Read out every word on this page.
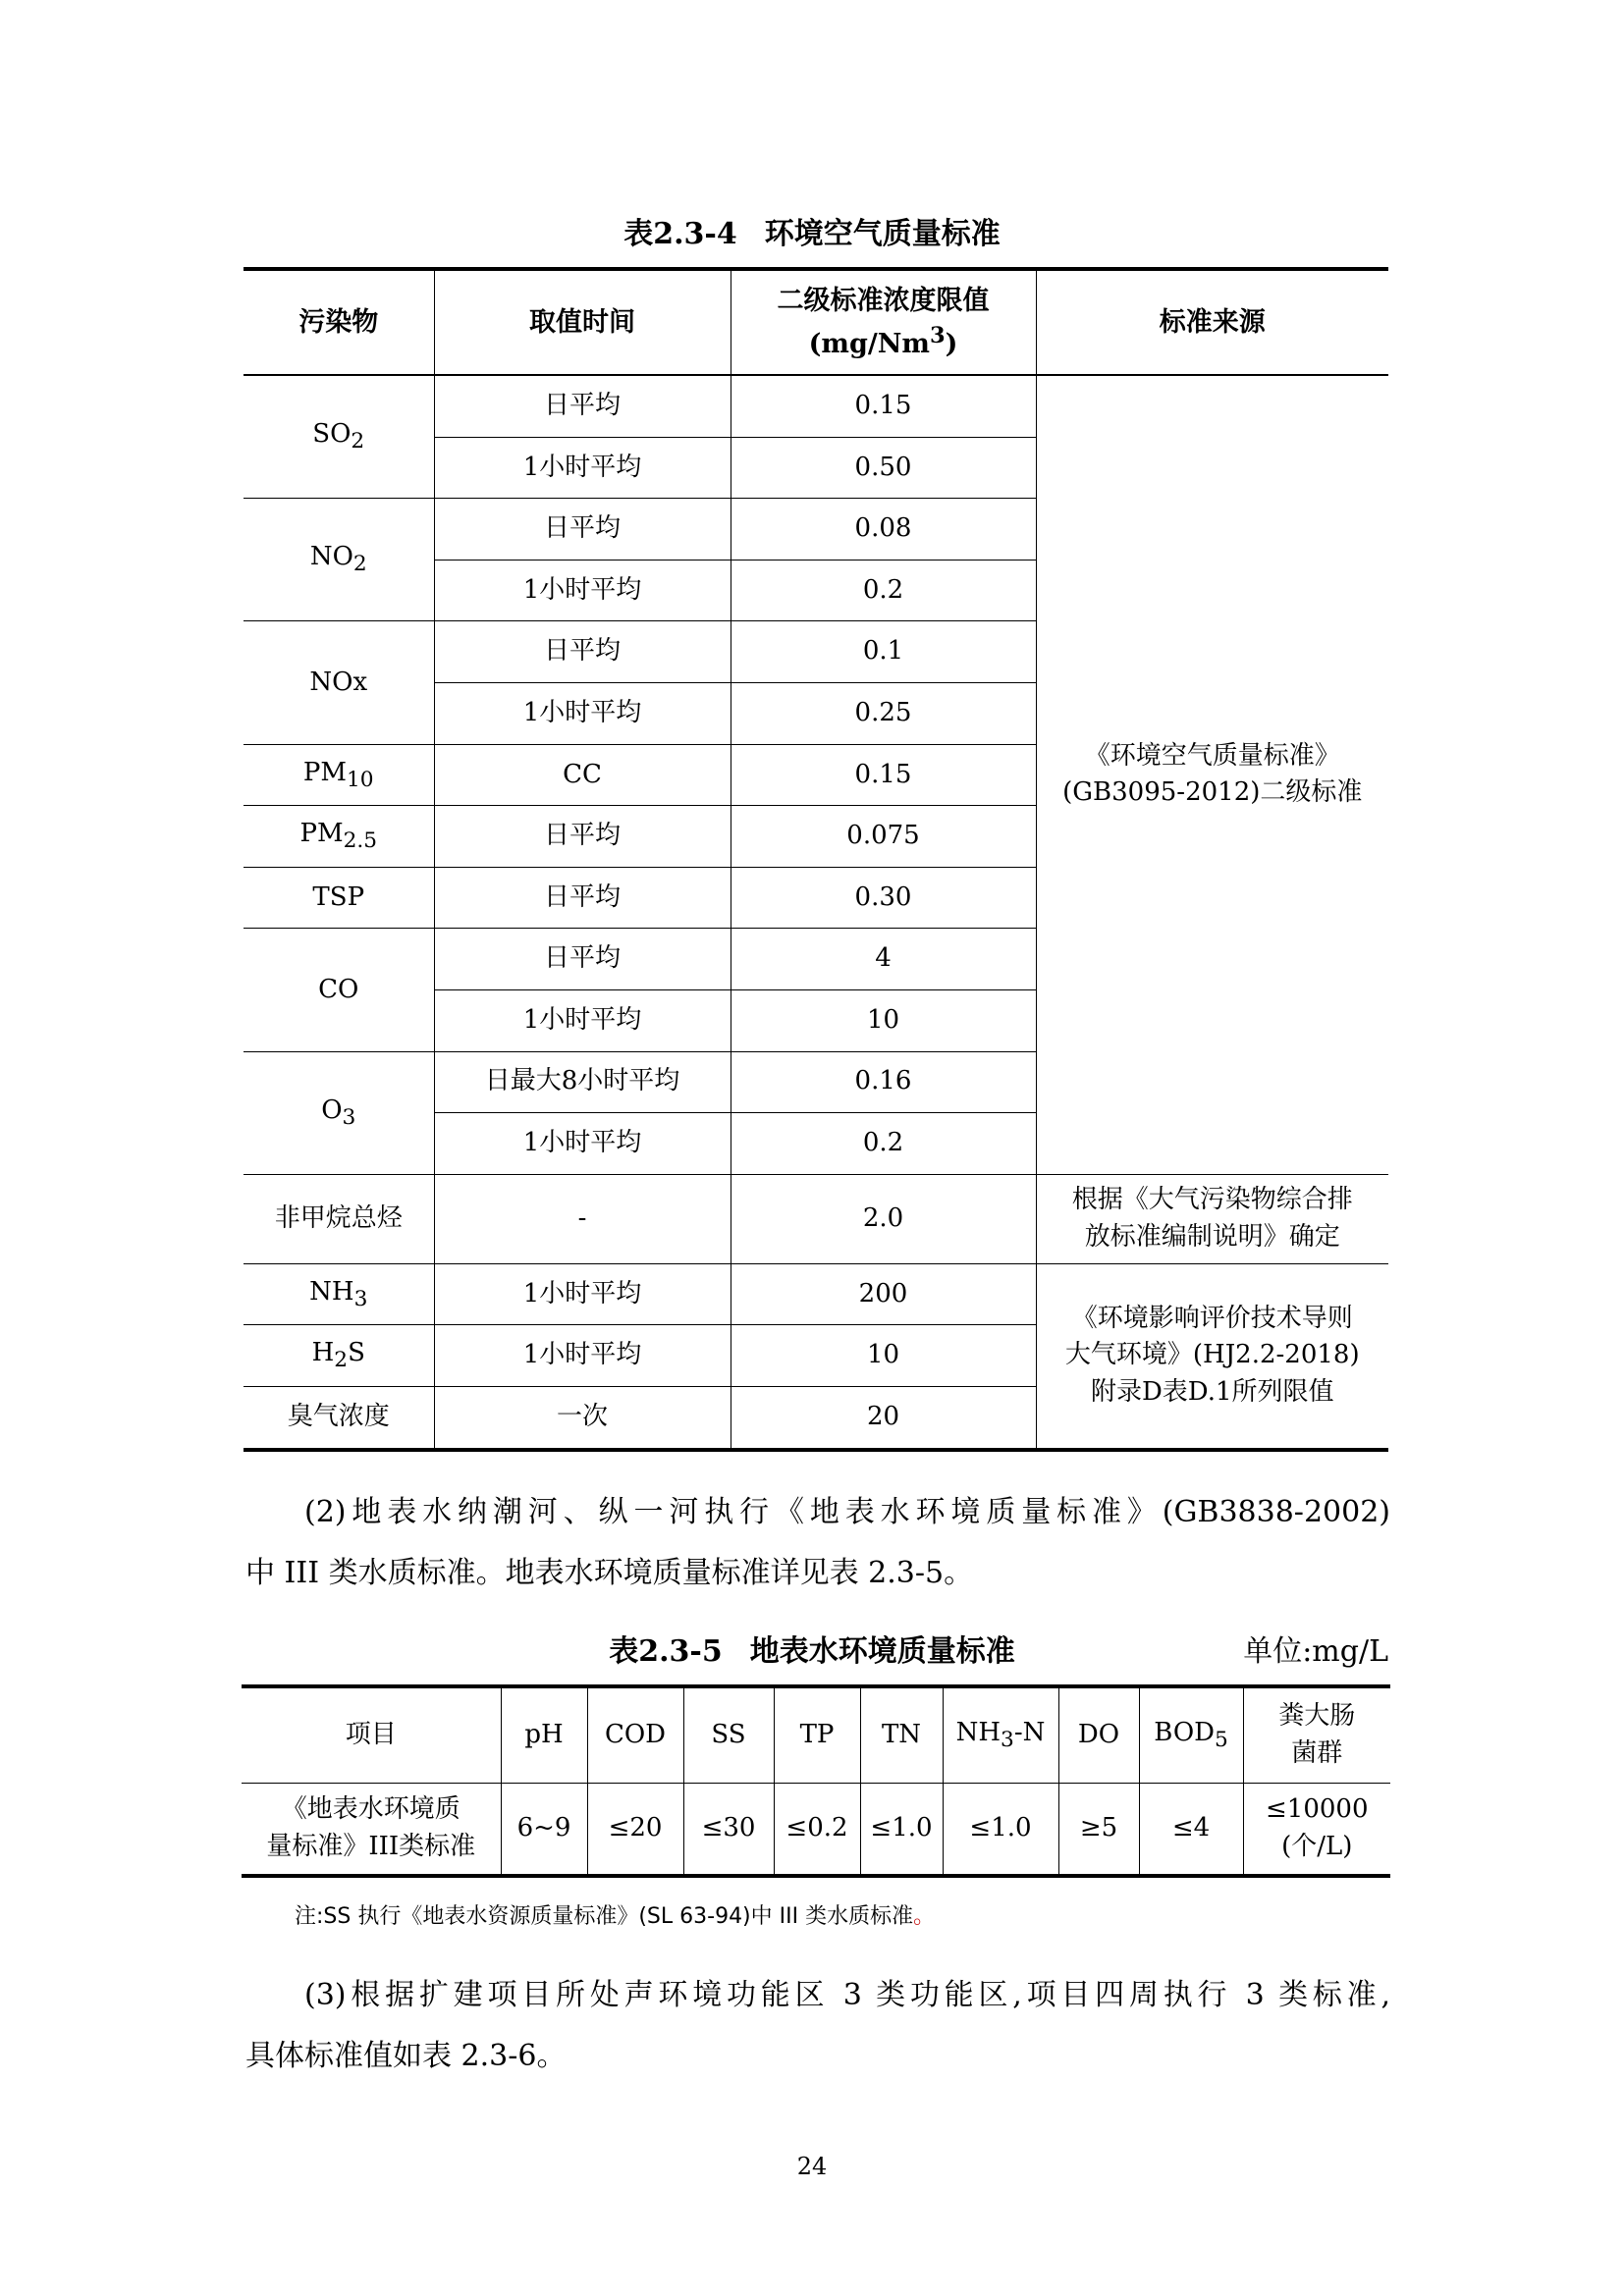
表2.3-4 环境空气质量标准
污染物	取值时间	二级标准浓度限值
(mg/Nm$^3$)	标准来源
$SO_2$	日平均	0.15	《环境空气质量标准》
(GB3095-2012)二级标准
	1小时平均	0.50	
$NO_2$	日平均	0.08	
	1小时平均	0.2	
NOx	日平均	0.1	
	1小时平均	0.25	
$PM_{10}$	CC	0.15	
$PM_{2.5}$	日平均	0.075	
TSP	日平均	0.30	
CO	日平均	4	
	1小时平均	10	
$O_3$	日最大8小时平均	0.16	
	1小时平均	0.2	
非甲烷总烃	-	2.0	根据《大气污染物综合排
放标准编制说明》确定
$NH_3$	1小时平均	200	《环境影响评价技术导则
大气环境》(HJ2.2-2018)
附录D表D.1所列限值
$H_2S$	1小时平均	10	
臭气浓度	一次	20	
(2)地表水纳潮河、纵一河执行《地表水环境质量标准》(GB3838-2002)
中 III 类水质标准。地表水环境质量标准详见表 2.3-5。
表2.3-5 地表水环境质量标准	单位:mg/L
项目	pH	COD	SS	TP	TN	$NH_3-N$	DO	$BOD_5$	粪大肠
菌群
《地表水环境质
量标准》III类标准	6~9	≤20	≤30	≤0.2	≤1.0	≤1.0	≥5	≤4	≤10000
(个/L)
注:SS 执行《地表水资源质量标准》(SL 63-94)中 III 类水质标准。
(3)根据扩建项目所处声环境功能区 3 类功能区,项目四周执行 3 类标准,
具体标准值如表 2.3-6。
24
